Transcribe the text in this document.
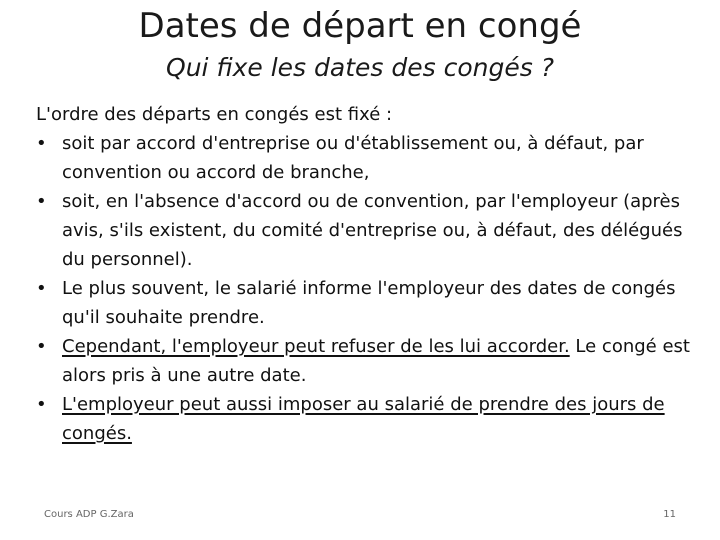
Dates de départ en congé
Qui fixe les dates des congés ?

L'ordre des départs en congés est fixé :

• soit par accord d'entreprise ou d'établissement ou, à défaut, par convention ou accord de branche,
• soit, en l'absence d'accord ou de convention, par l'employeur (après avis, s'ils existent, du comité d'entreprise ou, à défaut, des délégués du personnel).
• Le plus souvent, le salarié informe l'employeur des dates de congés qu'il souhaite prendre.
• Cependant, l'employeur peut refuser de les lui accorder. Le congé est alors pris à une autre date.
• L'employeur peut aussi imposer au salarié de prendre des jours de congés.
Cours ADP G.Zara	11
